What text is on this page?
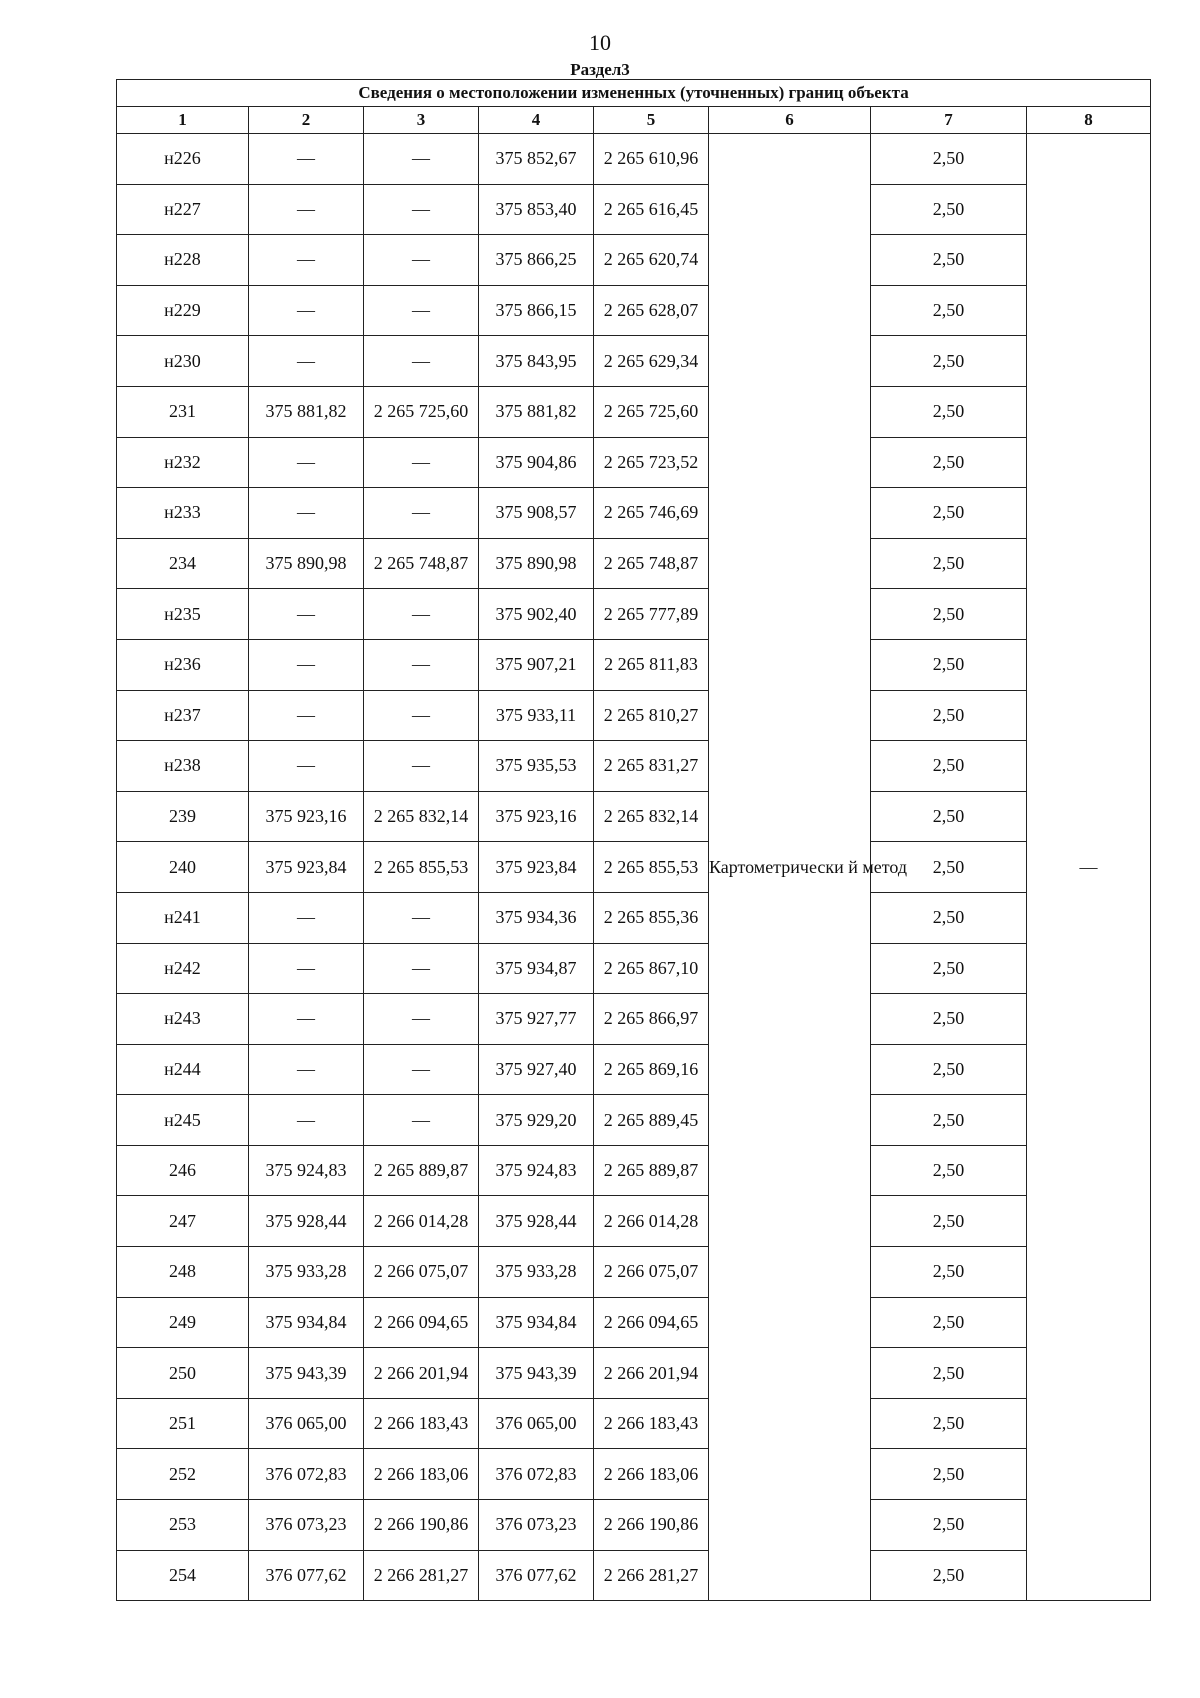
10
Раздел3
Сведения о местоположении измененных (уточненных) границ объекта							
1	2	3	4	5	6	7	8
н226	—	—	375 852,67	2 265 610,96	Картометрически й метод	2,50	—
н227	—	—	375 853,40	2 265 616,45		2,50	
н228	—	—	375 866,25	2 265 620,74		2,50	
н229	—	—	375 866,15	2 265 628,07		2,50	
н230	—	—	375 843,95	2 265 629,34		2,50	
231	375 881,82	2 265 725,60	375 881,82	2 265 725,60		2,50	
н232	—	—	375 904,86	2 265 723,52		2,50	
н233	—	—	375 908,57	2 265 746,69		2,50	
234	375 890,98	2 265 748,87	375 890,98	2 265 748,87		2,50	
н235	—	—	375 902,40	2 265 777,89		2,50	
н236	—	—	375 907,21	2 265 811,83		2,50	
н237	—	—	375 933,11	2 265 810,27		2,50	
н238	—	—	375 935,53	2 265 831,27		2,50	
239	375 923,16	2 265 832,14	375 923,16	2 265 832,14		2,50	
240	375 923,84	2 265 855,53	375 923,84	2 265 855,53		2,50	
н241	—	—	375 934,36	2 265 855,36		2,50	
н242	—	—	375 934,87	2 265 867,10		2,50	
н243	—	—	375 927,77	2 265 866,97		2,50	
н244	—	—	375 927,40	2 265 869,16		2,50	
н245	—	—	375 929,20	2 265 889,45		2,50	
246	375 924,83	2 265 889,87	375 924,83	2 265 889,87		2,50	
247	375 928,44	2 266 014,28	375 928,44	2 266 014,28		2,50	
248	375 933,28	2 266 075,07	375 933,28	2 266 075,07		2,50	
249	375 934,84	2 266 094,65	375 934,84	2 266 094,65		2,50	
250	375 943,39	2 266 201,94	375 943,39	2 266 201,94		2,50	
251	376 065,00	2 266 183,43	376 065,00	2 266 183,43		2,50	
252	376 072,83	2 266 183,06	376 072,83	2 266 183,06		2,50	
253	376 073,23	2 266 190,86	376 073,23	2 266 190,86		2,50	
254	376 077,62	2 266 281,27	376 077,62	2 266 281,27		2,50	
